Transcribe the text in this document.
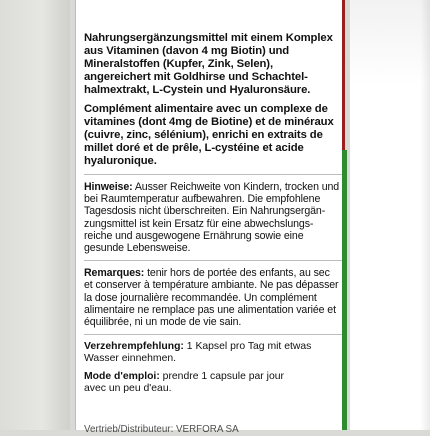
Nahrungsergänzungsmittel mit einem Komplex
aus Vitaminen (davon 4 mg Biotin) und
Mineralstoffen (Kupfer, Zink, Selen),
angereichert mit Goldhirse und Schachtel-
halmextrakt, L-Cystein und Hyaluronsäure.
Complément alimentaire avec un complexe de
vitamines (dont 4mg de Biotine) et de minéraux
(cuivre, zinc, sélénium), enrichi en extraits de
millet doré et de prêle, L-cystéine et acide
hyaluronique.
Hinweise: Ausser Reichweite von Kindern, trocken und
bei Raumtemperatur aufbewahren. Die empfohlene
Tagesdosis nicht überschreiten. Ein Nahrungsergän-
zungsmittel ist kein Ersatz für eine abwechslungs-
reiche und ausgewogene Ernährung sowie eine
gesunde Lebensweise.
Remarques: tenir hors de portée des enfants, au sec
et conserver à température ambiante. Ne pas dépasser
la dose journalière recommandée. Un complément
alimentaire ne remplace pas une alimentation variée et
équilibrée, ni un mode de vie sain.
Verzehrempfehlung: 1 Kapsel pro Tag mit etwas
Wasser einnehmen.
Mode d'emploi: prendre 1 capsule par jour
avec un peu d'eau.
Vertrieb/Distributeur: VERFORA SA
